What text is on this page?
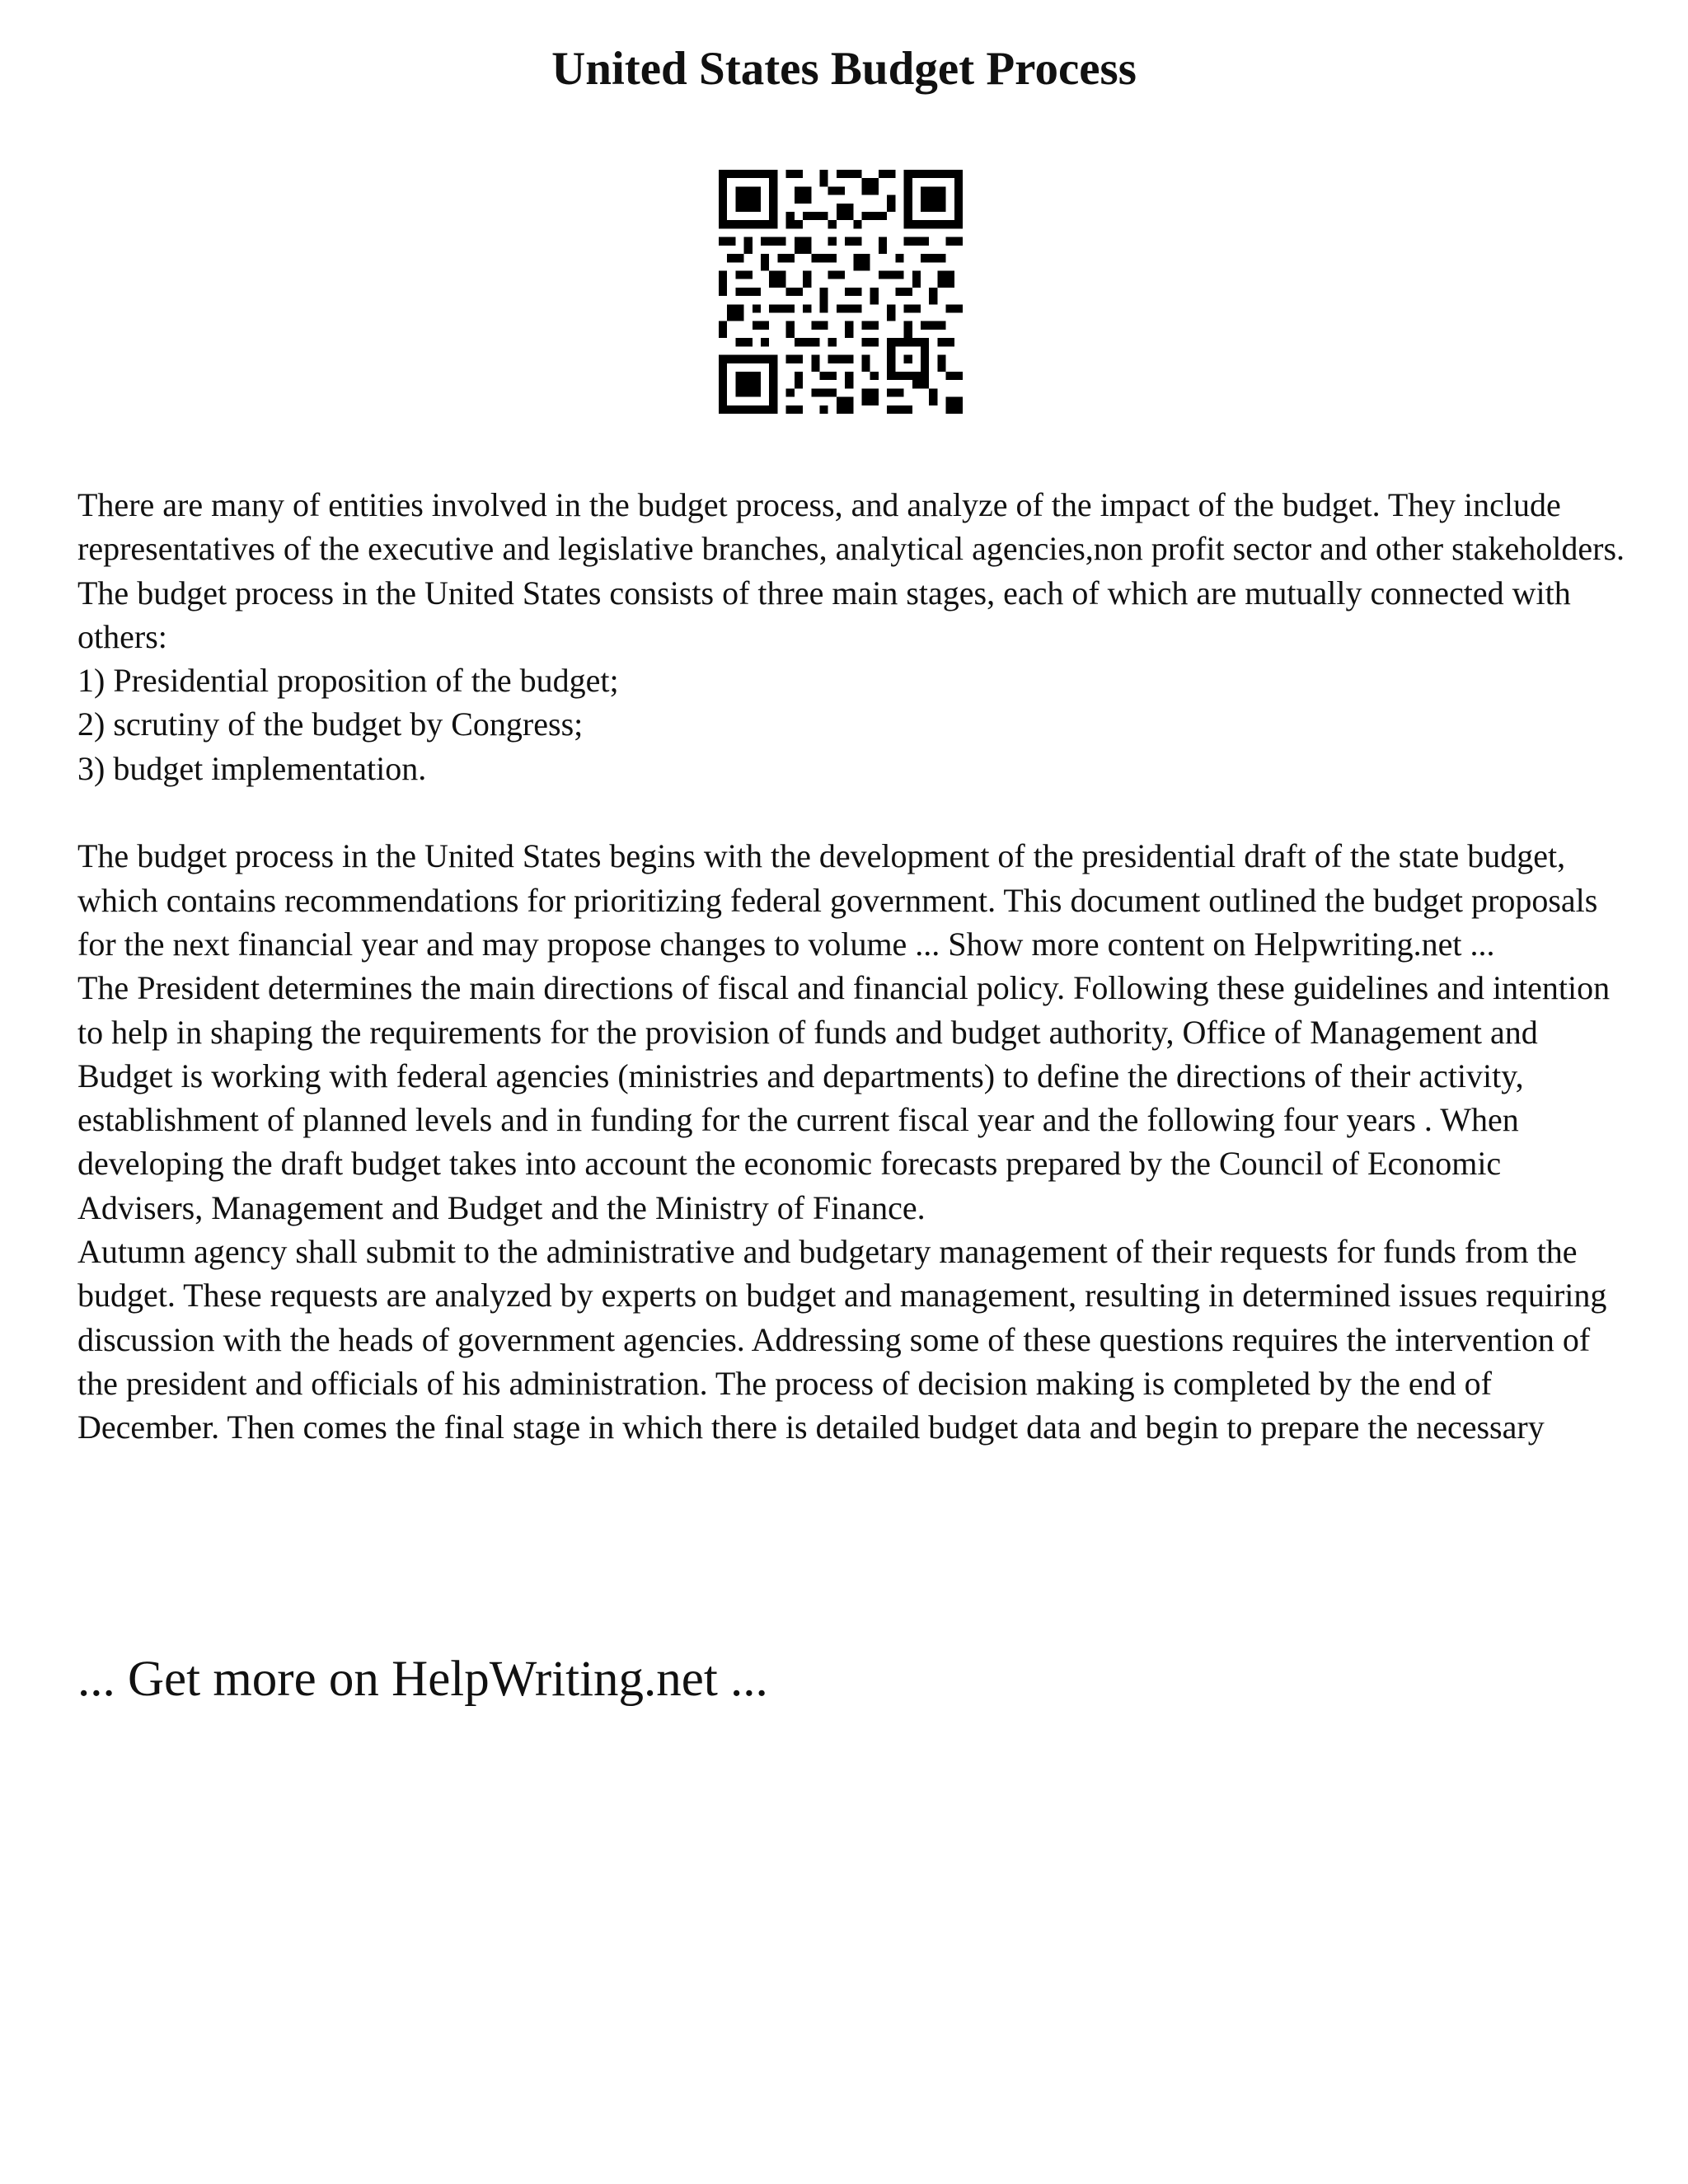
United States Budget Process

There are many of entities involved in the budget process, and analyze of the impact of the budget. They include representatives of the executive and legislative branches, analytical agencies,non profit sector and other stakeholders.

The budget process in the United States consists of three main stages, each of which are mutually connected with others:

1) Presidential proposition of the budget;

2) scrutiny of the budget by Congress;

3) budget implementation.

The budget process in the United States begins with the development of the presidential draft of the state budget, which contains recommendations for prioritizing federal government. This document outlined the budget proposals for the next financial year and may propose changes to volume ... Show more content on Helpwriting.net ...

The President determines the main directions of fiscal and financial policy. Following these guidelines and intention to help in shaping the requirements for the provision of funds and budget authority, Office of Management and Budget is working with federal agencies (ministries and departments) to define the directions of their activity, establishment of planned levels and in funding for the current fiscal year and the following four years . When developing the draft budget takes into account the economic forecasts prepared by the Council of Economic Advisers, Management and Budget and the Ministry of Finance.

Autumn agency shall submit to the administrative and budgetary management of their requests for funds from the budget. These requests are analyzed by experts on budget and management, resulting in determined issues requiring discussion with the heads of government agencies. Addressing some of these questions requires the intervention of the president and officials of his administration. The process of decision making is completed by the end of December. Then comes the final stage in which there is detailed budget data and begin to prepare the necessary

... Get more on HelpWriting.net ...
